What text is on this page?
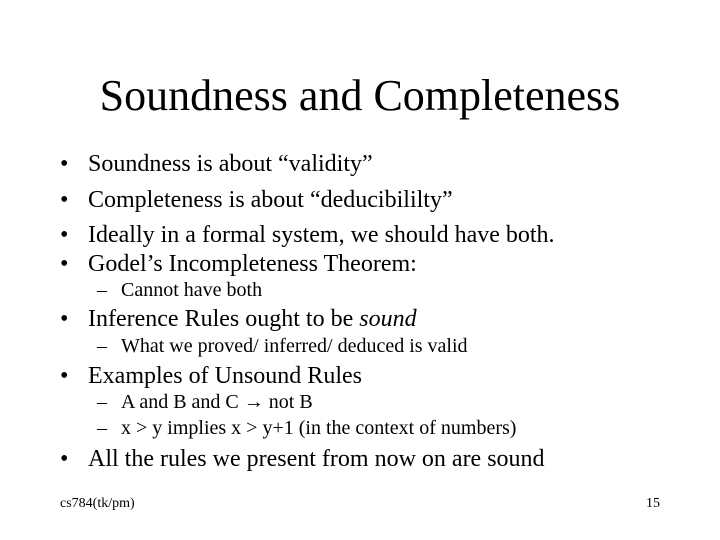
Soundness and Completeness
• Soundness is about “validity”
• Completeness is about “deducibililty”
• Ideally in a formal system, we should have both.
• Godel’s Incompleteness Theorem:
– Cannot have both
• Inference Rules ought to be sound
– What we proved/ inferred/ deduced is valid
• Examples of Unsound Rules
– A and B and C → not B
– x > y implies x > y+1 (in the context of numbers)
• All the rules we present from now on are sound
cs784(tk/pm)	15
